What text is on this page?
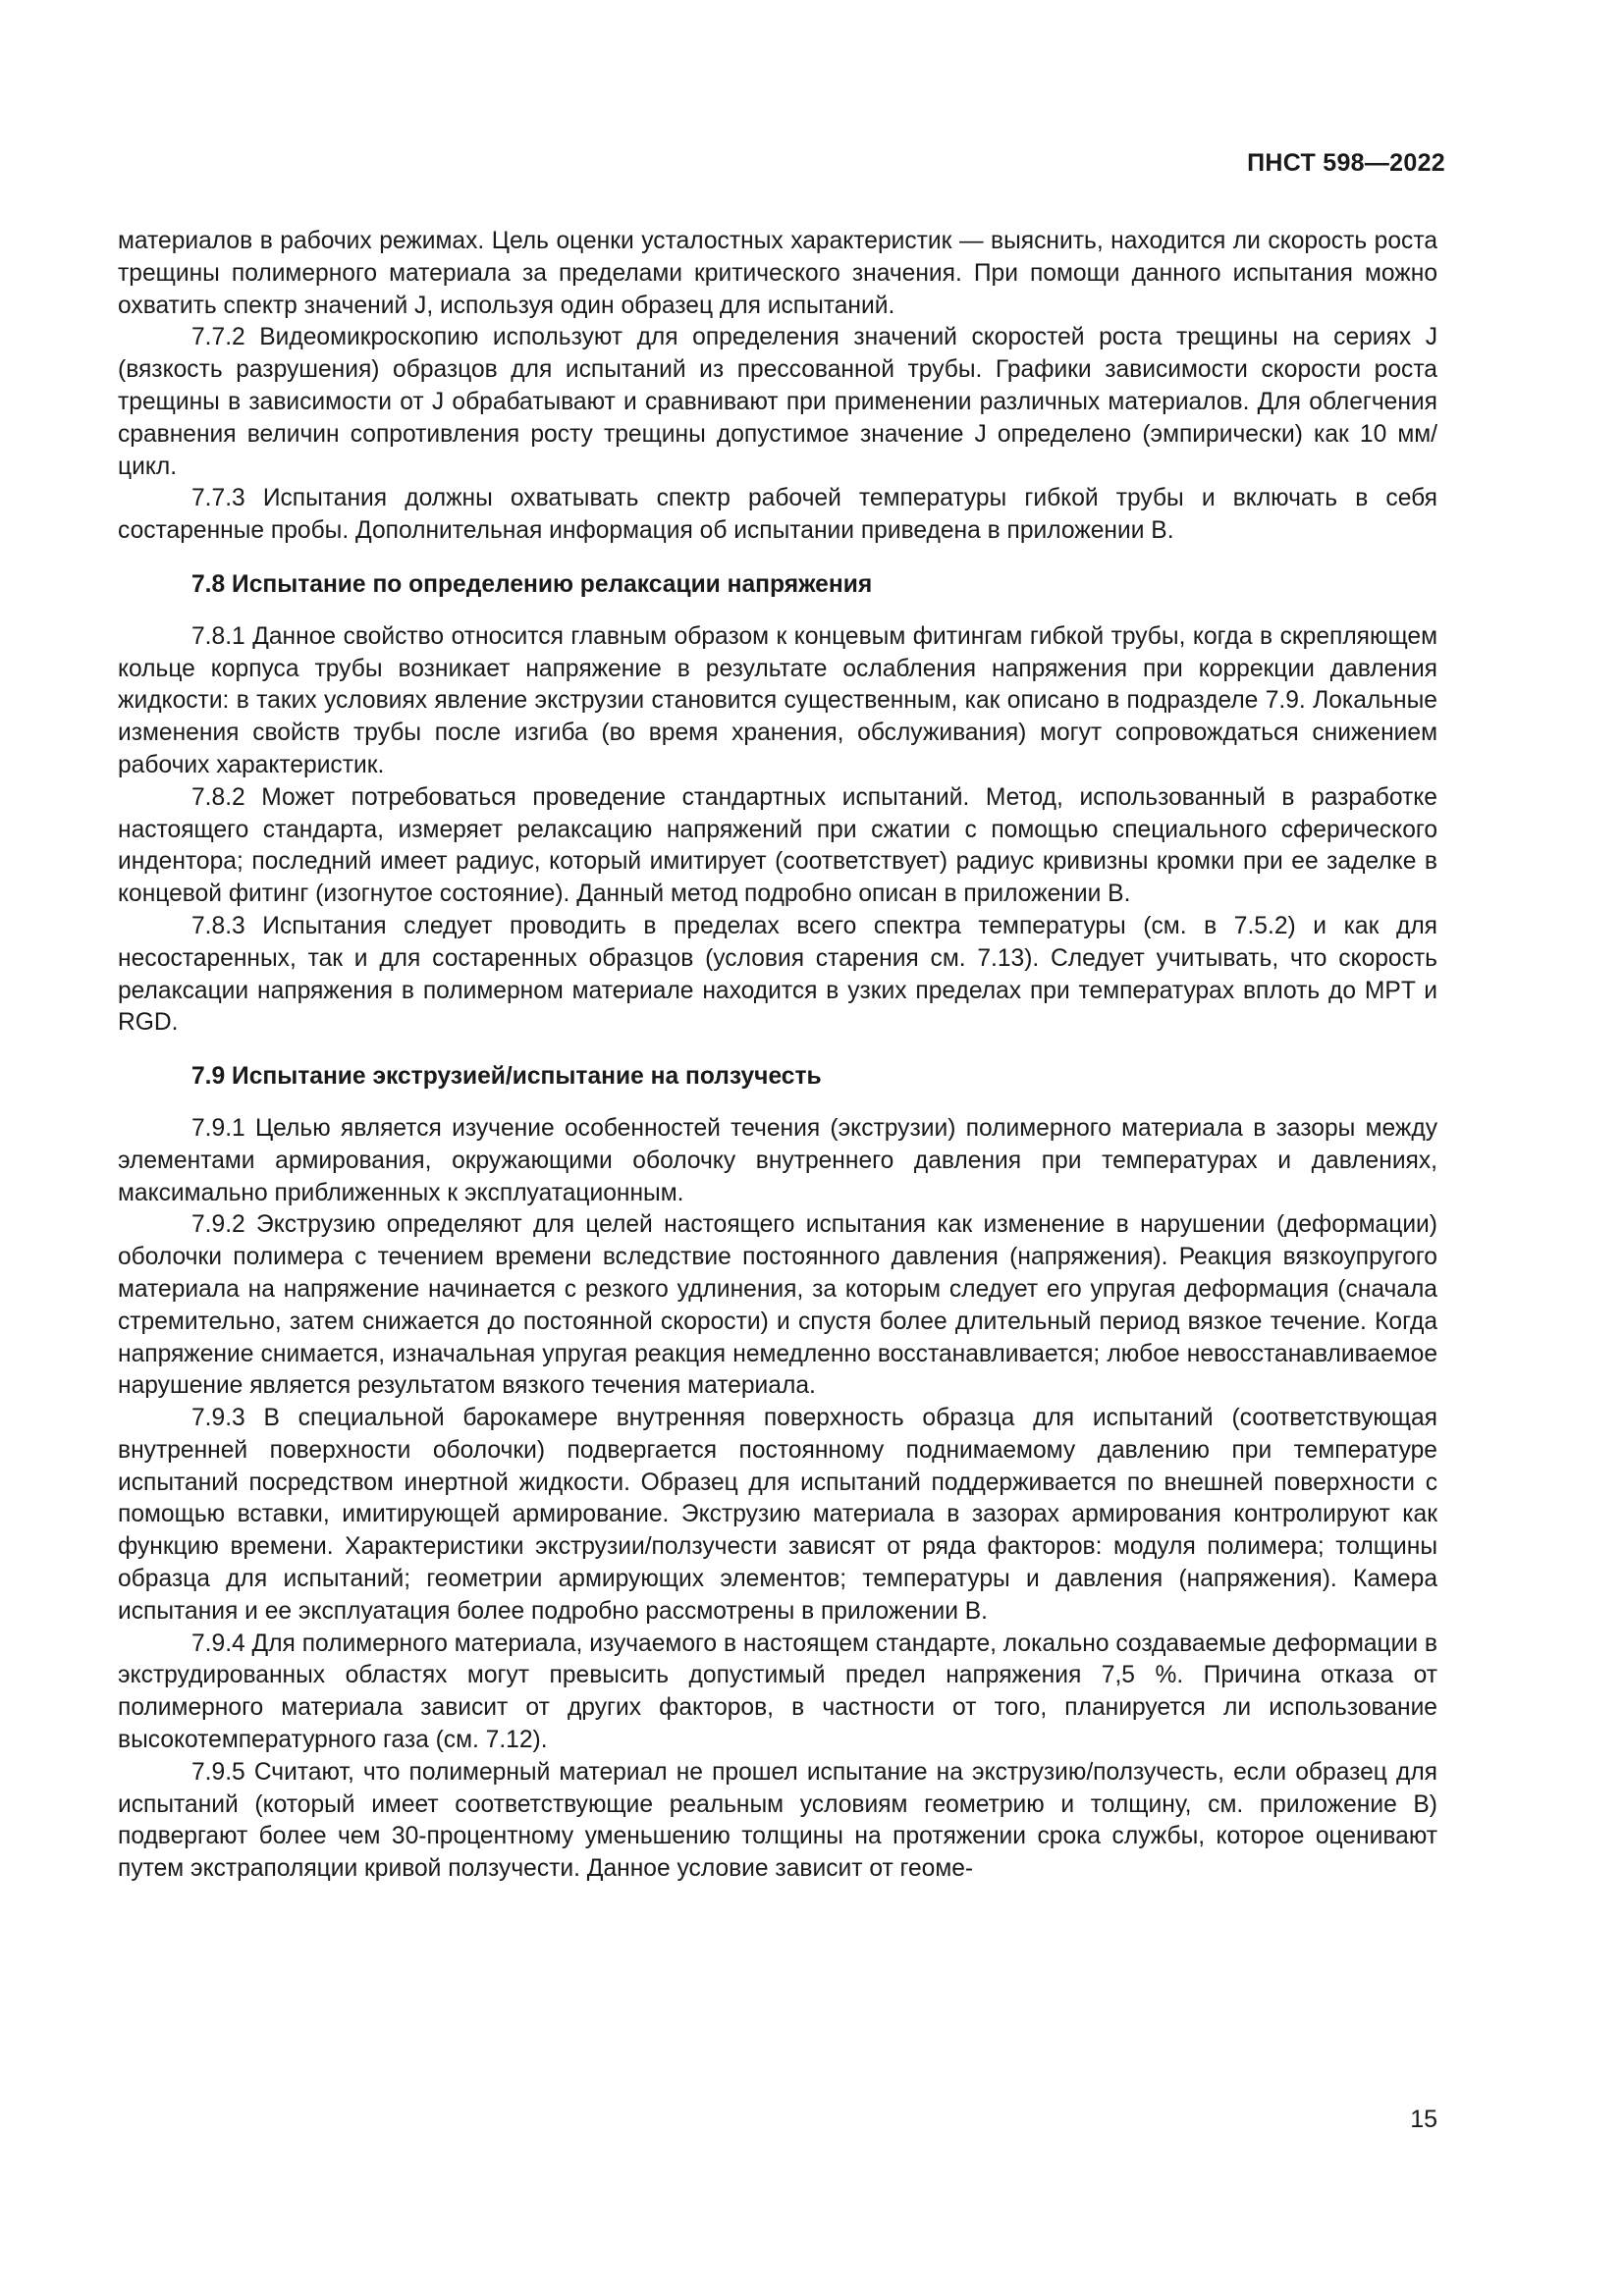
ПНСТ 598—2022

материалов в рабочих режимах. Цель оценки усталостных характеристик — выяснить, находится ли скорость роста трещины полимерного материала за пределами критического значения. При помощи данного испытания можно охватить спектр значений J, используя один образец для испытаний.

7.7.2 Видеомикроскопию используют для определения значений скоростей роста трещины на сериях J (вязкость разрушения) образцов для испытаний из прессованной трубы. Графики зависимости скорости роста трещины в зависимости от J обрабатывают и сравнивают при применении различных материалов. Для облегчения сравнения величин сопротивления росту трещины допустимое значение J определено (эмпирически) как 10 мм/цикл.

7.7.3 Испытания должны охватывать спектр рабочей температуры гибкой трубы и включать в себя состаренные пробы. Дополнительная информация об испытании приведена в приложении В.

7.8 Испытание по определению релаксации напряжения

7.8.1 Данное свойство относится главным образом к концевым фитингам гибкой трубы, когда в скрепляющем кольце корпуса трубы возникает напряжение в результате ослабления напряжения при коррекции давления жидкости: в таких условиях явление экструзии становится существенным, как описано в подразделе 7.9. Локальные изменения свойств трубы после изгиба (во время хранения, обслуживания) могут сопровождаться снижением рабочих характеристик.

7.8.2 Может потребоваться проведение стандартных испытаний. Метод, использованный в разработке настоящего стандарта, измеряет релаксацию напряжений при сжатии с помощью специального сферического индентора; последний имеет радиус, который имитирует (соответствует) радиус кривизны кромки при ее заделке в концевой фитинг (изогнутое состояние). Данный метод подробно описан в приложении В.

7.8.3 Испытания следует проводить в пределах всего спектра температуры (см. в 7.5.2) и как для несостаренных, так и для состаренных образцов (условия старения см. 7.13). Следует учитывать, что скорость релаксации напряжения в полимерном материале находится в узких пределах при температурах вплоть до MPT и RGD.

7.9 Испытание экструзией/испытание на ползучесть

7.9.1 Целью является изучение особенностей течения (экструзии) полимерного материала в зазоры между элементами армирования, окружающими оболочку внутреннего давления при температурах и давлениях, максимально приближенных к эксплуатационным.

7.9.2 Экструзию определяют для целей настоящего испытания как изменение в нарушении (деформации) оболочки полимера с течением времени вследствие постоянного давления (напряжения). Реакция вязкоупругого материала на напряжение начинается с резкого удлинения, за которым следует его упругая деформация (сначала стремительно, затем снижается до постоянной скорости) и спустя более длительный период вязкое течение. Когда напряжение снимается, изначальная упругая реакция немедленно восстанавливается; любое невосстанавливаемое нарушение является результатом вязкого течения материала.

7.9.3 В специальной барокамере внутренняя поверхность образца для испытаний (соответствующая внутренней поверхности оболочки) подвергается постоянному поднимаемому давлению при температуре испытаний посредством инертной жидкости. Образец для испытаний поддерживается по внешней поверхности с помощью вставки, имитирующей армирование. Экструзию материала в зазорах армирования контролируют как функцию времени. Характеристики экструзии/ползучести зависят от ряда факторов: модуля полимера; толщины образца для испытаний; геометрии армирующих элементов; температуры и давления (напряжения). Камера испытания и ее эксплуатация более подробно рассмотрены в приложении В.

7.9.4 Для полимерного материала, изучаемого в настоящем стандарте, локально создаваемые деформации в экструдированных областях могут превысить допустимый предел напряжения 7,5 %. Причина отказа от полимерного материала зависит от других факторов, в частности от того, планируется ли использование высокотемпературного газа (см. 7.12).

7.9.5 Считают, что полимерный материал не прошел испытание на экструзию/ползучесть, если образец для испытаний (который имеет соответствующие реальным условиям геометрию и толщину, см. приложение В) подвергают более чем 30-процентному уменьшению толщины на протяжении срока службы, которое оценивают путем экстраполяции кривой ползучести. Данное условие зависит от геоме-

15
